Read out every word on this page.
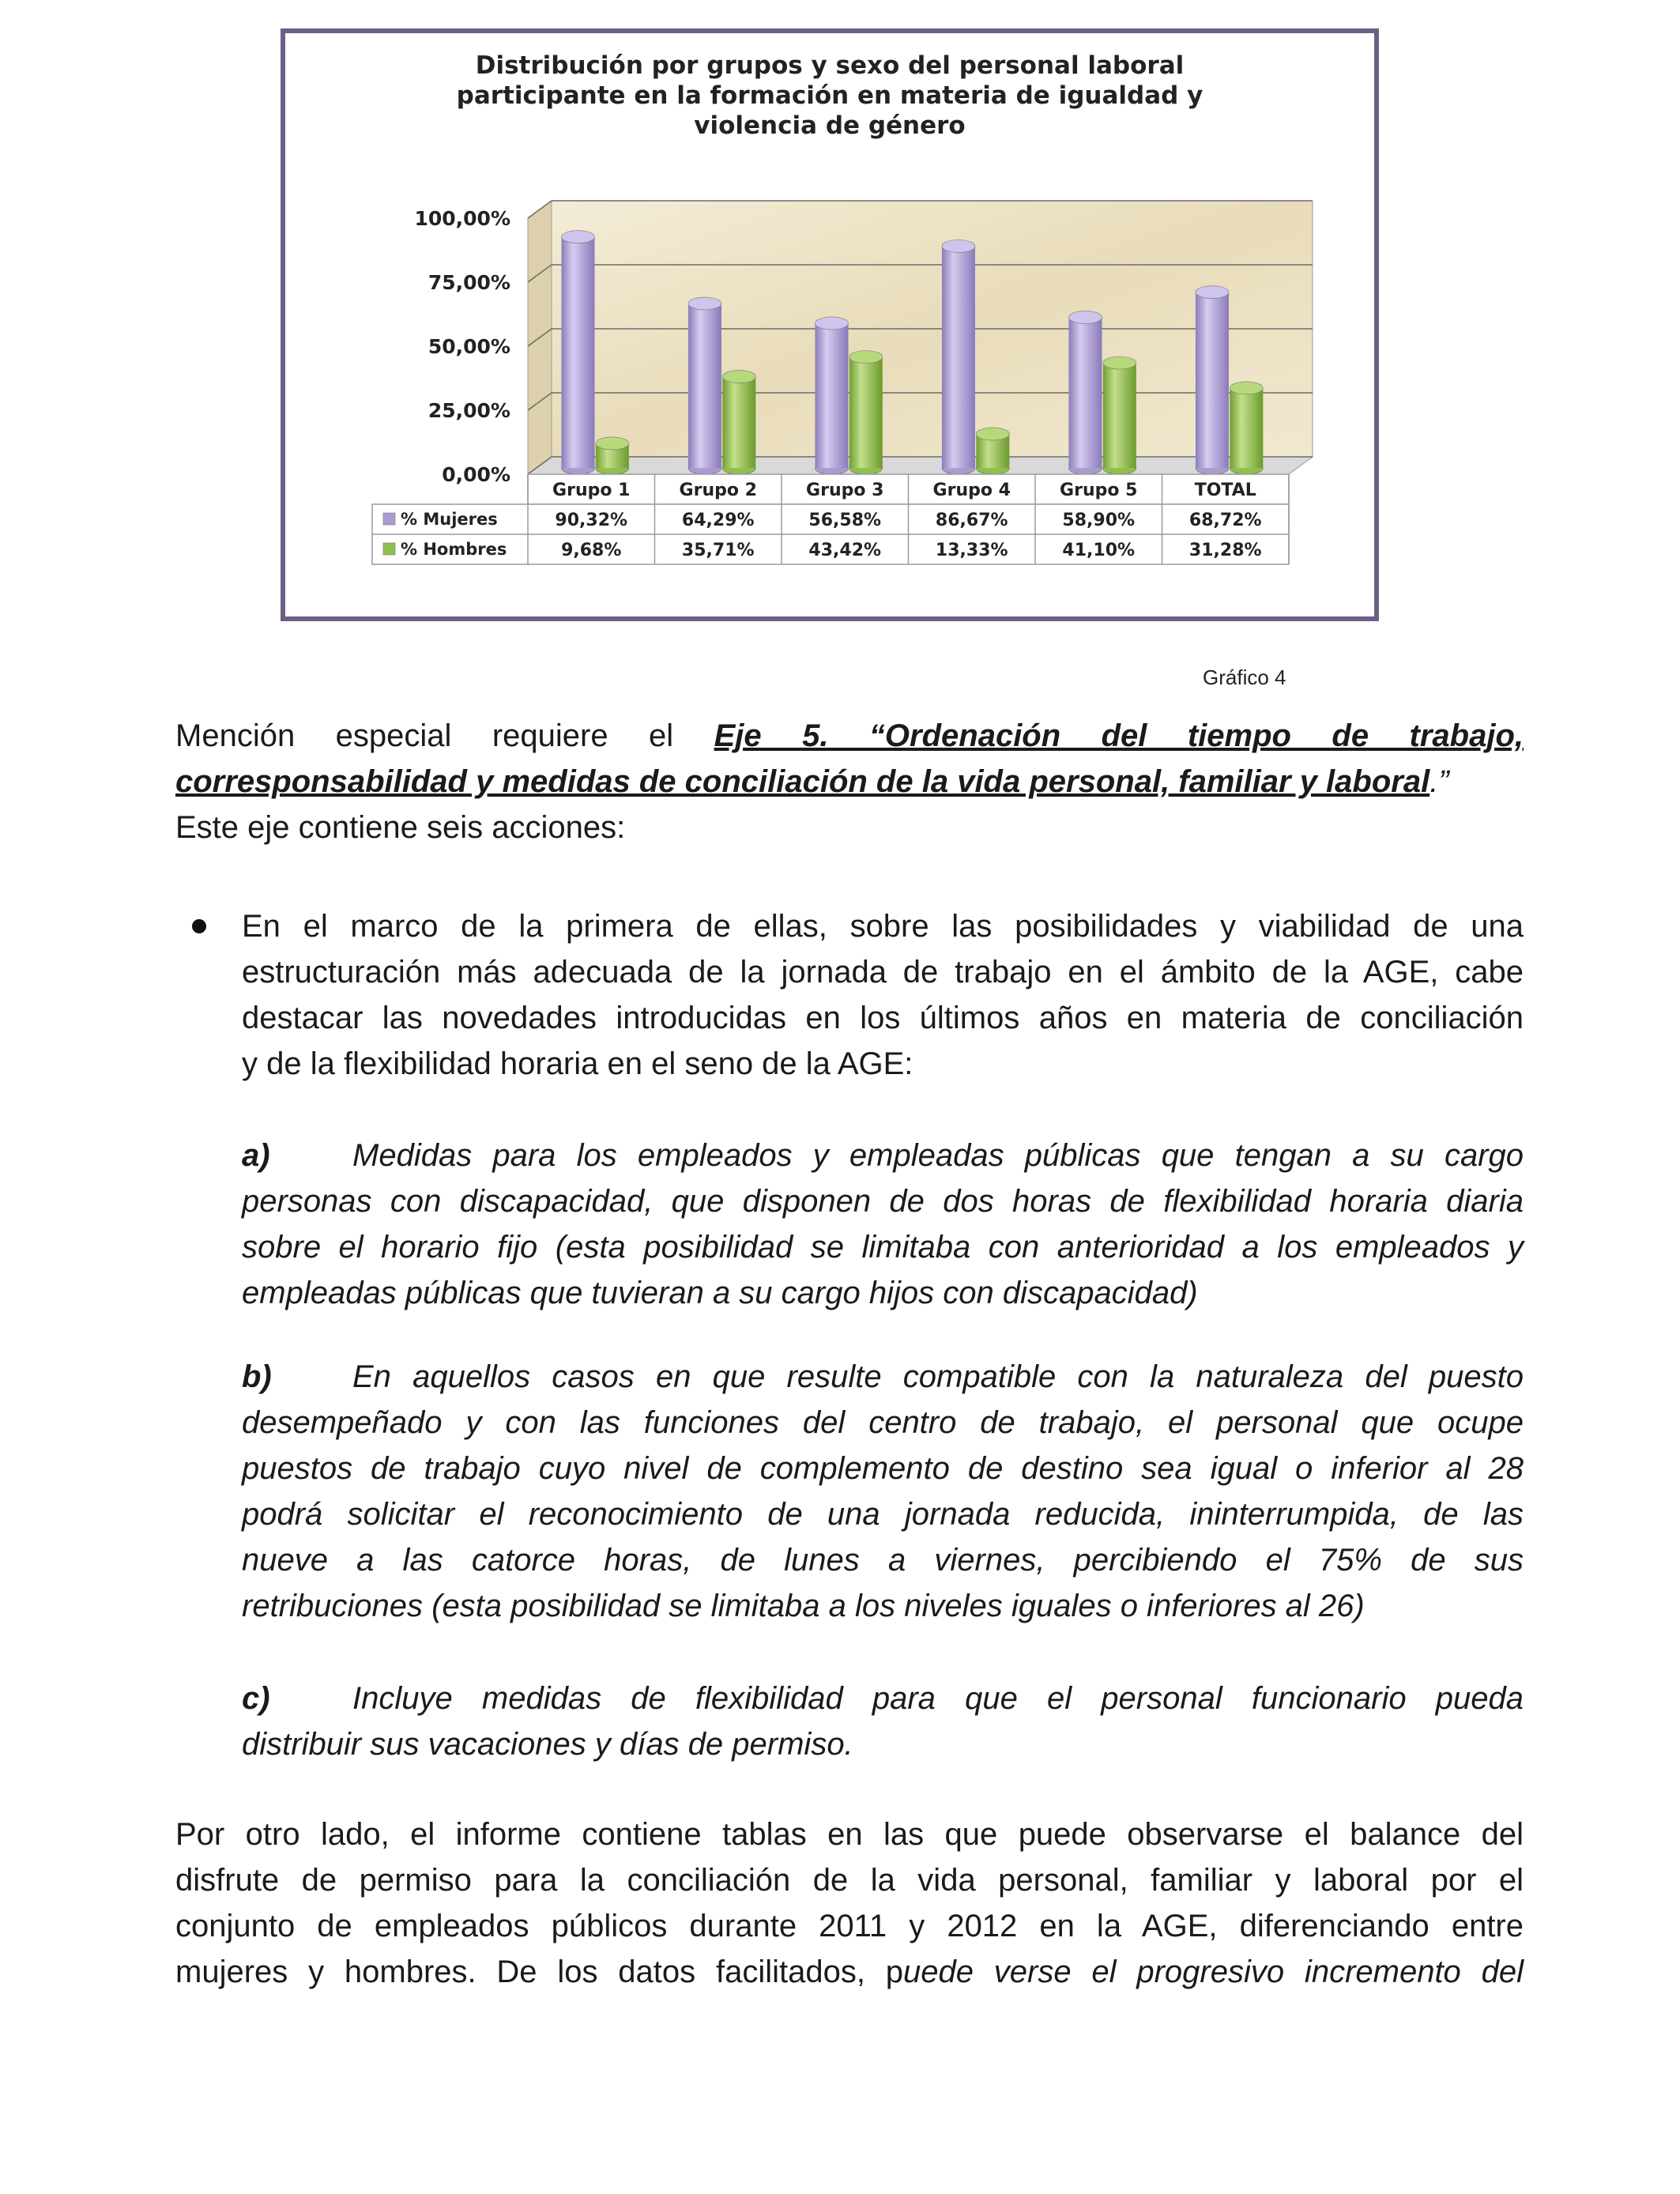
0,00%
25,00%
50,00%
75,00%
100,00%
Grupo 1	Grupo 2	Grupo 3	Grupo 4	Grupo 5	TOTAL
% Mujeres	90,32%	64,29%	56,58%	86,67%	58,90%	68,72%
% Hombres	9,68%	35,71%	43,42%	13,33%	41,10%	31,28%
Distribución por grupos y sexo del personal laboral
participante en la formación en materia de igualdad y
violencia de género
Gráfico 4
Mención especial requiere el Eje 5. “Ordenación del tiempo de trabajo,
corresponsabilidad y medidas de conciliación de la vida personal, familiar y laboral.”
Este eje contiene seis acciones:
En el marco de la primera de ellas, sobre las posibilidades y viabilidad de una
estructuración más adecuada de la jornada de trabajo en el ámbito de la AGE, cabe
destacar las novedades introducidas en los últimos años en materia de conciliación
y de la flexibilidad horaria en el seno de la AGE:
a)	Medidas para los empleados y empleadas públicas que tengan a su cargo
personas con discapacidad, que disponen de dos horas de flexibilidad horaria diaria
sobre el horario fijo (esta posibilidad se limitaba con anterioridad a los empleados y
empleadas públicas que tuvieran a su cargo hijos con discapacidad)
b)	En aquellos casos en que resulte compatible con la naturaleza del puesto
desempeñado y con las funciones del centro de trabajo, el personal que ocupe
puestos de trabajo cuyo nivel de complemento de destino sea igual o inferior al 28
podrá solicitar el reconocimiento de una jornada reducida, ininterrumpida, de las
nueve a las catorce horas, de lunes a viernes, percibiendo el 75% de sus
retribuciones (esta posibilidad se limitaba a los niveles iguales o inferiores al 26)
c)	Incluye medidas de flexibilidad para que el personal funcionario pueda
distribuir sus vacaciones y días de permiso.
Por otro lado, el informe contiene tablas en las que puede observarse el balance del
disfrute de permiso para la conciliación de la vida personal, familiar y laboral por el
conjunto de empleados públicos durante 2011 y 2012 en la AGE, diferenciando entre
mujeres y hombres. De los datos facilitados, puede verse el progresivo incremento del
